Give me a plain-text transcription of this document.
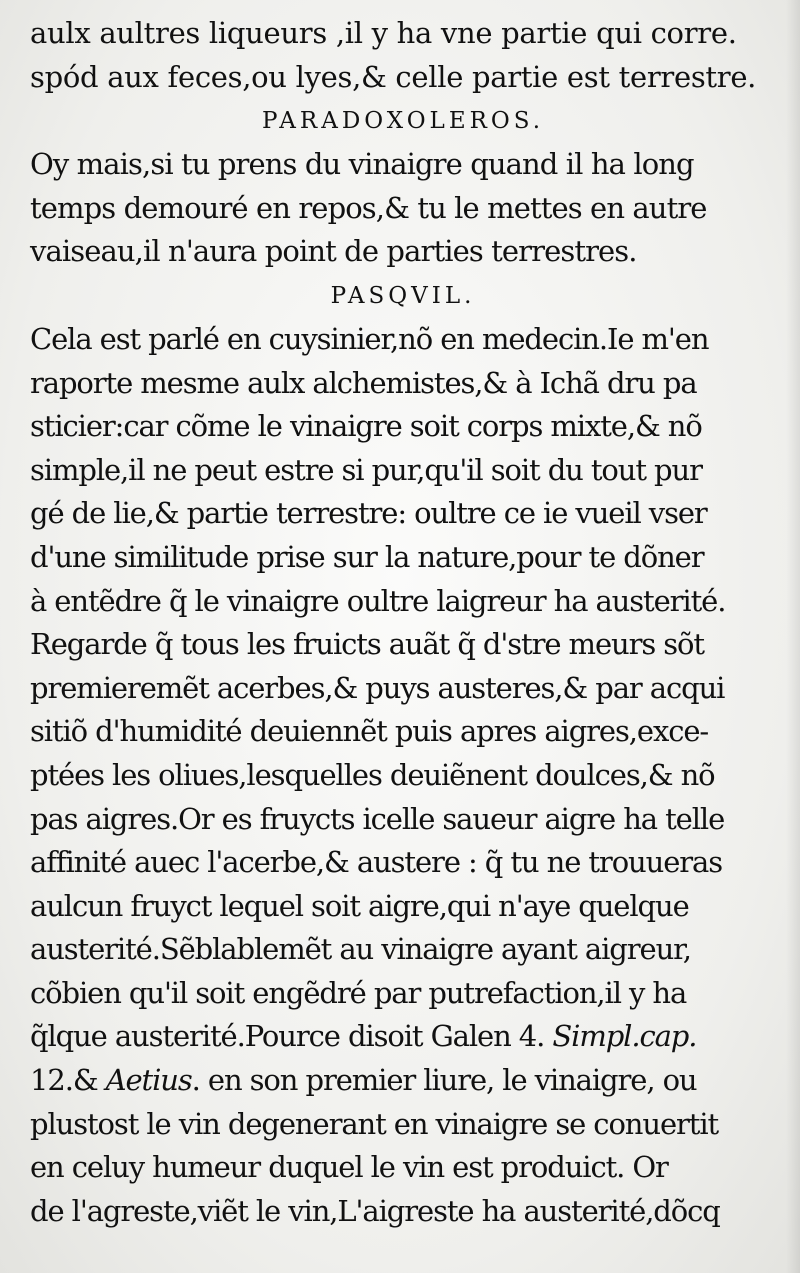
aulx aultres liqueurs ,il y ha vne partie qui corre.
spód aux feces,ou lyes,& celle partie est terrestre.
PARADOXOLEROS.
Oy mais,si tu prens du vinaigre quand il ha long
temps demouré en repos,& tu le mettes en autre
vaiseau,il n'aura point de parties terrestres.
PASQVIL.
Cela est parlé en cuysinier,nõ en medecin.Ie m'en
raporte mesme aulx alchemistes,& à Ichã dru pa
sticier:car cõme le vinaigre soit corps mixte,& nõ
simple,il ne peut estre si pur,qu'il soit du tout pur
gé de lie,& partie terrestre: oultre ce ie vueil vser
d'une similitude prise sur la nature,pour te dõner
à entẽdre q̃ le vinaigre oultre laigreur ha austerité.
Regarde q̃ tous les fruicts auãt q̃ d'stre meurs sõt
premieremẽt acerbes,& puys austeres,& par acqui
sitiõ d'humidité deuiennẽt puis apres aigres,exce-
ptées les oliues,lesquelles deuiẽnent doulces,& nõ
pas aigres.Or es fruycts icelle saueur aigre ha telle
affinité auec l'acerbe,& austere : q̃ tu ne trouueras
aulcun fruyct lequel soit aigre,qui n'aye quelque
austerité.Sẽblablemẽt au vinaigre ayant aigreur,
cõbien qu'il soit engẽdré par putrefaction,il y ha
q̃lque austerité.Pource disoit Galen 4. Simpl.cap.
12.& Aetius. en son premier liure, le vinaigre, ou
plustost le vin degenerant en vinaigre se conuertit
en celuy humeur duquel le vin est produict. Or
de l'agreste,viẽt le vin,L'aigreste ha austerité,dõcq
